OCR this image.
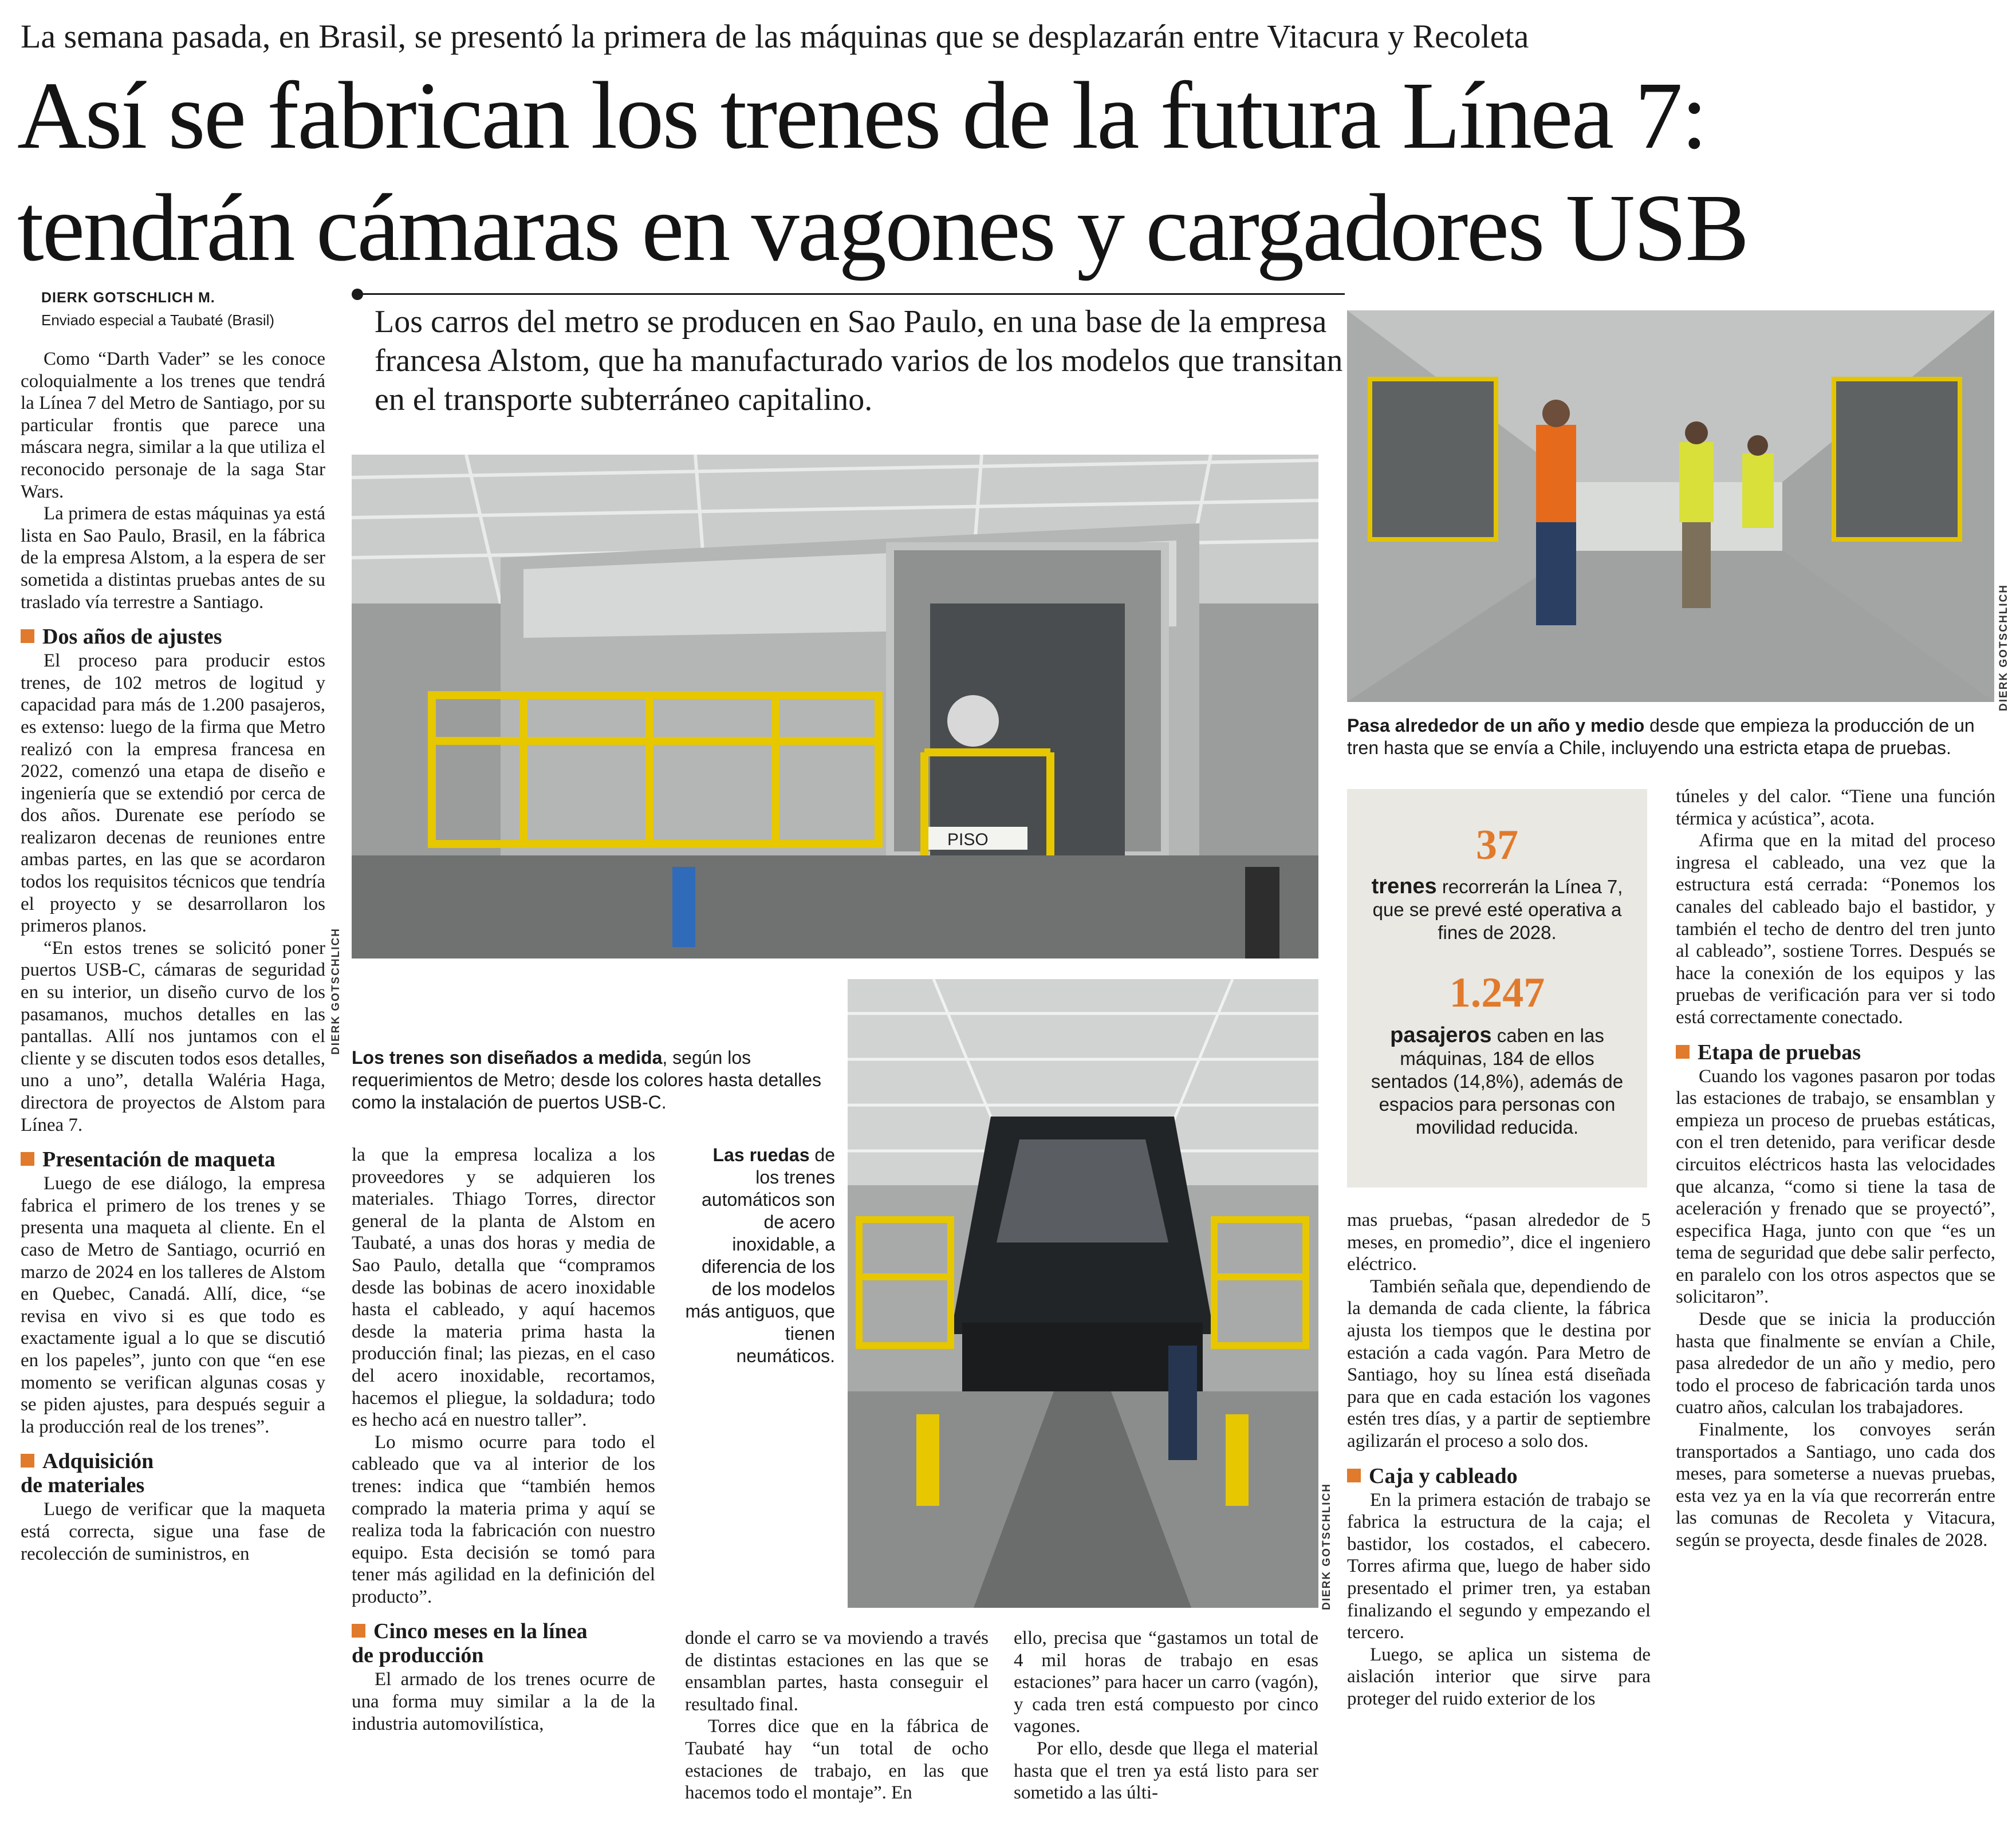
La semana pasada, en Brasil, se presentó la primera de las máquinas que se desplazarán entre Vitacura y Recoleta
Así se fabrican los trenes de la futura Línea 7:
tendrán cámaras en vagones y cargadores USB
DIERK GOTSCHLICH M.
Enviado especial a Taubaté (Brasil)	Los carros del metro se producen en Sao Paulo, en una base de la empresa francesa Alstom, que ha manufacturado varios de los modelos que transitan en el transporte subterráneo capitalino.

Como “Darth Vader” se les conoce coloquialmente a los trenes que tendrá la Línea 7 del Metro de Santiago, por su particular frontis que parece una máscara negra, similar a la que utiliza el reconocido personaje de la saga Star Wars.

La primera de estas máquinas ya está lista en Sao Paulo, Brasil, en la fábrica de la empresa Alstom, a la espera de ser sometida a distintas pruebas antes de su traslado vía terrestre a Santiago.

Dos años de ajustes

El proceso para producir estos trenes, de 102 metros de logitud y capacidad para más de 1.200 pasajeros, es extenso: luego de la firma que Metro realizó con la empresa francesa en 2022, comenzó una etapa de diseño e ingeniería que se extendió por cerca de dos años. Durenate ese período se realizaron decenas de reuniones entre ambas partes, en las que se acordaron todos los requisitos técnicos que tendría el proyecto y se desarrollaron los primeros planos.

“En estos trenes se solicitó poner puertos USB-C, cámaras de seguridad en su interior, un diseño curvo de los pasamanos, muchos detalles en las pantallas. Allí nos juntamos con el cliente y se discuten todos esos detalles, uno a uno”, detalla Waléria Haga, directora de proyectos de Alstom para Línea 7.

Presentación de maqueta

Luego de ese diálogo, la empresa fabrica el primero de los trenes y se presenta una maqueta al cliente. En el caso de Metro de Santiago, ocurrió en marzo de 2024 en los talleres de Alstom en Quebec, Canadá. Allí, dice, “se revisa en vivo si es que todo es exactamente igual a lo que se discutió en los papeles”, junto con que “en ese momento se verifican algunas cosas y se piden ajustes, para después seguir a la producción real de los trenes”.

Adquisición
de materiales

Luego de verificar que la maqueta está correcta, sigue una fase de recolección de suministros, en

PISO
DIERK GOTSCHLICH
Los trenes son diseñados a medida, según los requerimientos de Metro; desde los colores hasta detalles como la instalación de puertos USB-C.
DIERK GOTSCHLICH
Pasa alrededor de un año y medio desde que empieza la producción de un tren hasta que se envía a Chile, incluyendo una estricta etapa de pruebas.
DIERK GOTSCHLICH
Las ruedas de los trenes automáticos son de acero inoxidable, a diferencia de los de los modelos más antiguos, que tienen neumáticos.

la que la empresa localiza a los proveedores y se adquieren los materiales. Thiago Torres, director general de la planta de Alstom en Taubaté, a unas dos horas y media de Sao Paulo, detalla que “compramos desde las bobinas de acero inoxidable hasta el cableado, y aquí hacemos desde la materia prima hasta la producción final; las piezas, en el caso del acero inoxidable, recortamos, hacemos el pliegue, la soldadura; todo es hecho acá en nuestro taller”.

Lo mismo ocurre para todo el cableado que va al interior de los trenes: indica que “también hemos comprado la materia prima y aquí se realiza toda la fabricación con nuestro equipo. Esta decisión se tomó para tener más agilidad en la definición del producto”.

Cinco meses en la línea
de producción

El armado de los trenes ocurre de una forma muy similar a la de la industria automovilística,

donde el carro se va moviendo a través de distintas estaciones en las que se ensamblan partes, hasta conseguir el resultado final.

Torres dice que en la fábrica de Taubaté hay “un total de ocho estaciones de trabajo, en las que hacemos todo el montaje”. En

ello, precisa que “gastamos un total de 4 mil horas de trabajo en esas estaciones” para hacer un carro (vagón), y cada tren está compuesto por cinco vagones.

Por ello, desde que llega el material hasta que el tren ya está listo para ser sometido a las últi-

37
trenes recorrerán la Línea 7, que se prevé esté operativa a fines de 2028.
1.247
pasajeros caben en las máquinas, 184 de ellos sentados (14,8%), además de espacios para personas con movilidad reducida.

mas pruebas, “pasan alrededor de 5 meses, en promedio”, dice el ingeniero eléctrico.

También señala que, dependiendo de la demanda de cada cliente, la fábrica ajusta los tiempos que le destina por estación a cada vagón. Para Metro de Santiago, hoy su línea está diseñada para que en cada estación los vagones estén tres días, y a partir de septiembre agilizarán el proceso a solo dos.

Caja y cableado

En la primera estación de trabajo se fabrica la estructura de la caja; el bastidor, los costados, el cabecero. Torres afirma que, luego de haber sido presentado el primer tren, ya estaban finalizando el segundo y empezando el tercero.

Luego, se aplica un sistema de aislación interior que sirve para proteger del ruido exterior de los

túneles y del calor. “Tiene una función térmica y acústica”, acota.

Afirma que en la mitad del proceso ingresa el cableado, una vez que la estructura está cerrada: “Ponemos los canales del cableado bajo el bastidor, y también el techo de dentro del tren junto al cableado”, sostiene Torres. Después se hace la conexión de los equipos y las pruebas de verificación para ver si todo está correctamente conectado.

Etapa de pruebas

Cuando los vagones pasaron por todas las estaciones de trabajo, se ensamblan y empieza un proceso de pruebas estáticas, con el tren detenido, para verificar desde circuitos eléctricos hasta las velocidades que alcanza, “como si tiene la tasa de aceleración y frenado que se proyectó”, especifica Haga, junto con que “es un tema de seguridad que debe salir perfecto, en paralelo con los otros aspectos que se solicitaron”.

Desde que se inicia la producción hasta que finalmente se envían a Chile, pasa alrededor de un año y medio, pero todo el proceso de fabricación tarda unos cuatro años, calculan los trabajadores.

Finalmente, los convoyes serán transportados a Santiago, uno cada dos meses, para someterse a nuevas pruebas, esta vez ya en la vía que recorrerán entre las comunas de Recoleta y Vitacura, según se proyecta, desde finales de 2028.
